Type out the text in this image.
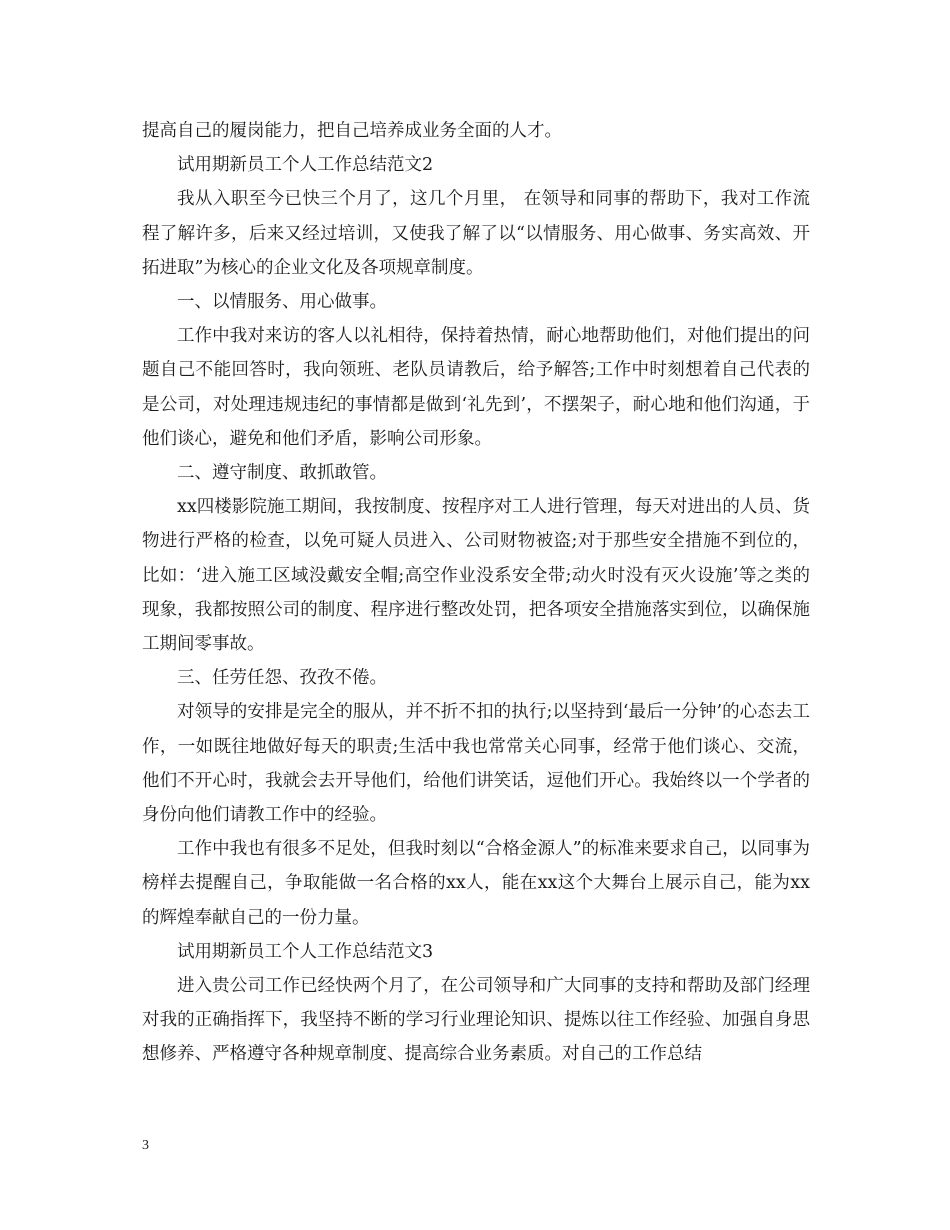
提高自己的履岗能力，把自己培养成业务全面的人才。

试用期新员工个人工作总结范文2

我从入职至今已快三个月了，这几个月里， 在领导和同事的帮助下，我对工作流程了解许多，后来又经过培训，又使我了解了以“以情服务、用心做事、务实高效、开拓进取”为核心的企业文化及各项规章制度。

一、以情服务、用心做事。

工作中我对来访的客人以礼相待，保持着热情，耐心地帮助他们，对他们提出的问题自己不能回答时，我向领班、老队员请教后，给予解答;工作中时刻想着自己代表的是公司，对处理违规违纪的事情都是做到‘礼先到’，不摆架子，耐心地和他们沟通，于他们谈心，避免和他们矛盾，影响公司形象。

二、遵守制度、敢抓敢管。

xx四楼影院施工期间，我按制度、按程序对工人进行管理，每天对进出的人员、货物进行严格的检查，以免可疑人员进入、公司财物被盗;对于那些安全措施不到位的，比如：‘进入施工区域没戴安全帽;高空作业没系安全带;动火时没有灭火设施’等之类的现象，我都按照公司的制度、程序进行整改处罚，把各项安全措施落实到位，以确保施工期间零事故。

三、任劳任怨、孜孜不倦。

对领导的安排是完全的服从，并不折不扣的执行;以坚持到‘最后一分钟’的心态去工作，一如既往地做好每天的职责;生活中我也常常关心同事，经常于他们谈心、交流，他们不开心时，我就会去开导他们，给他们讲笑话，逗他们开心。我始终以一个学者的身份向他们请教工作中的经验。

工作中我也有很多不足处，但我时刻以“合格金源人”的标准来要求自己，以同事为榜样去提醒自己，争取能做一名合格的xx人，能在xx这个大舞台上展示自己，能为xx的辉煌奉献自己的一份力量。

试用期新员工个人工作总结范文3

进入贵公司工作已经快两个月了，在公司领导和广大同事的支持和帮助及部门经理对我的正确指挥下，我坚持不断的学习行业理论知识、提炼以往工作经验、加强自身思想修养、严格遵守各种规章制度、提高综合业务素质。对自己的工作总结

3
